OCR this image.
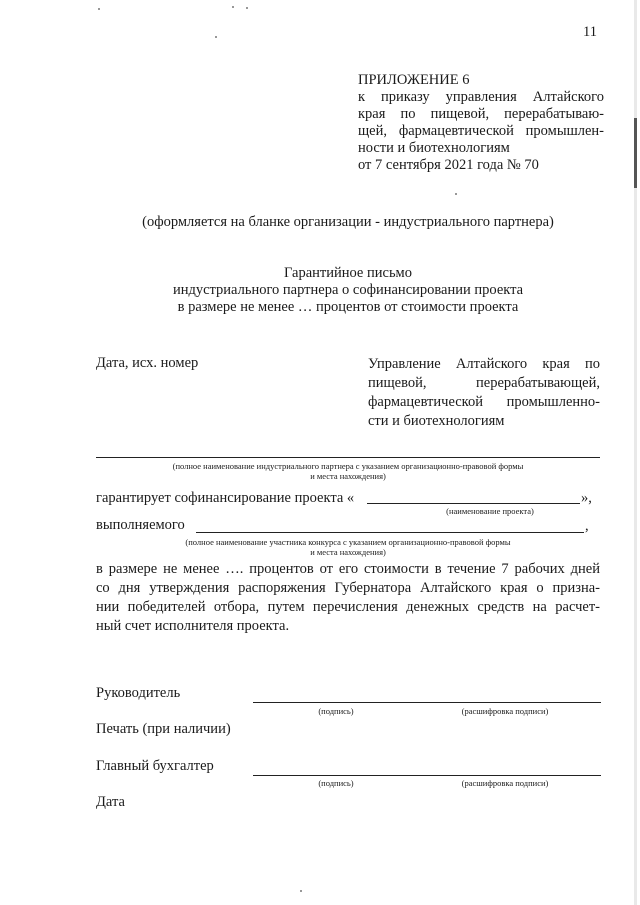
11
ПРИЛОЖЕНИЕ 6
к приказу управления Алтайского
края по пищевой, перерабатываю-
щей, фармацевтической промышлен-
ности и биотехнологиям
от 7 сентября 2021 года № 70
(оформляется на бланке организации - индустриального партнера)
Гарантийное письмо
индустриального партнера о софинансировании проекта
в размере не менее … процентов от стоимости проекта
Дата, исх. номер	Управление Алтайского края по
пищевой, перерабатывающей,
фармацевтической промышленно-
сти и биотехнологиям
(полное наименование индустриального партнера с указанием организационно-правовой формы
и места нахождения)
гарантирует софинансирование проекта «	»,
(наименование проекта)
выполняемого	,
(полное наименование участника конкурса с указанием организационно-правовой формы
и места нахождения)
в размере не менее …. процентов от его стоимости в течение 7 рабочих дней
со дня утверждения распоряжения Губернатора Алтайского края о призна-
нии победителей отбора, путем перечисления денежных средств на расчет-
ный счет исполнителя проекта.
Руководитель
(подпись)	(расшифровка подписи)
Печать (при наличии)
Главный бухгалтер
(подпись)	(расшифровка подписи)
Дата
